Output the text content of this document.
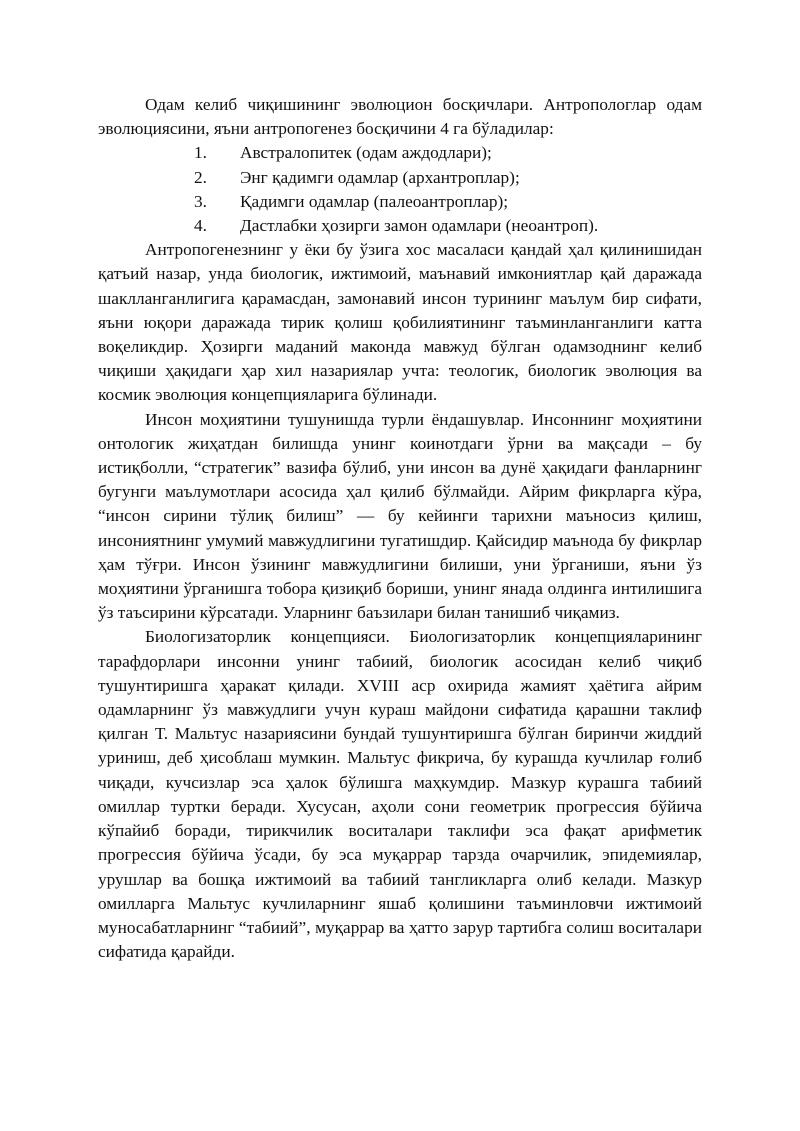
Одам келиб чиқишининг эволюцион босқичлари. Антропологлар одам эволюциясини, яъни антропогенез босқичини 4 га бўладилар:

1.	Австралопитек (одам аждодлари);
2.	Энг қадимги одамлар (архантроплар);
3.	Қадимги одамлар (палеоантроплар);
4.	Дастлабки ҳозирги замон одамлари (неоантроп).

Антропогенезнинг у ёки бу ўзига хос масаласи қандай ҳал қилинишидан қатъий назар, унда биологик, ижтимоий, маънавий имкониятлар қай даражада шаклланганлигига қарамасдан, замонавий инсон турининг маълум бир сифати, яъни юқори даражада тирик қолиш қобилиятининг таъминланганлиги катта воқеликдир. Ҳозирги маданий маконда мавжуд бўлган одамзоднинг келиб чиқиши ҳақидаги ҳар хил назариялар учта: теологик, биологик эволюция ва космик эволюция концепцияларига бўлинади.

Инсон моҳиятини тушунишда турли ёндашувлар. Инсоннинг моҳиятини онтологик жиҳатдан билишда унинг коинотдаги ўрни ва мақсади – бу истиқболли, “стратегик” вазифа бўлиб, уни инсон ва дунё ҳақидаги фанларнинг бугунги маълумотлари асосида ҳал қилиб бўлмайди. Айрим фикрларга кўра, “инсон сирини тўлиқ билиш” — бу кейинги тарихни маъносиз қилиш, инсониятнинг умумий мавжудлигини тугатишдир. Қайсидир маънода бу фикрлар ҳам тўғри. Инсон ўзининг мавжудлигини билиши, уни ўрганиши, яъни ўз моҳиятини ўрганишга тобора қизиқиб бориши, унинг янада олдинга интилишига ўз таъсирини кўрсатади. Уларнинг баъзилари билан танишиб чиқамиз.

Биологизаторлик концепцияси. Биологизаторлик концепцияларининг тарафдорлари инсонни унинг табиий, биологик асосидан келиб чиқиб тушунтиришга ҳаракат қилади. XVIII аср охирида жамият ҳаётига айрим одамларнинг ўз мавжудлиги учун кураш майдони сифатида қарашни таклиф қилган Т. Мальтус назариясини бундай тушунтиришга бўлган биринчи жиддий уриниш, деб ҳисоблаш мумкин. Мальтус фикрича, бу курашда кучлилар ғолиб чиқади, кучсизлар эса ҳалок бўлишга маҳкумдир. Мазкур курашга табиий омиллар туртки беради. Хусусан, аҳоли сони геометрик прогрессия бўйича кўпайиб боради, тирикчилик воситалари таклифи эса фақат арифметик прогрессия бўйича ўсади, бу эса муқаррар тарзда очарчилик, эпидемиялар, урушлар ва бошқа ижтимоий ва табиий тангликларга олиб келади. Мазкур омилларга Мальтус кучлиларнинг яшаб қолишини таъминловчи ижтимоий муносабатларнинг “табиий”, муқаррар ва ҳатто зарур тартибга солиш воситалари сифатида қарайди.
